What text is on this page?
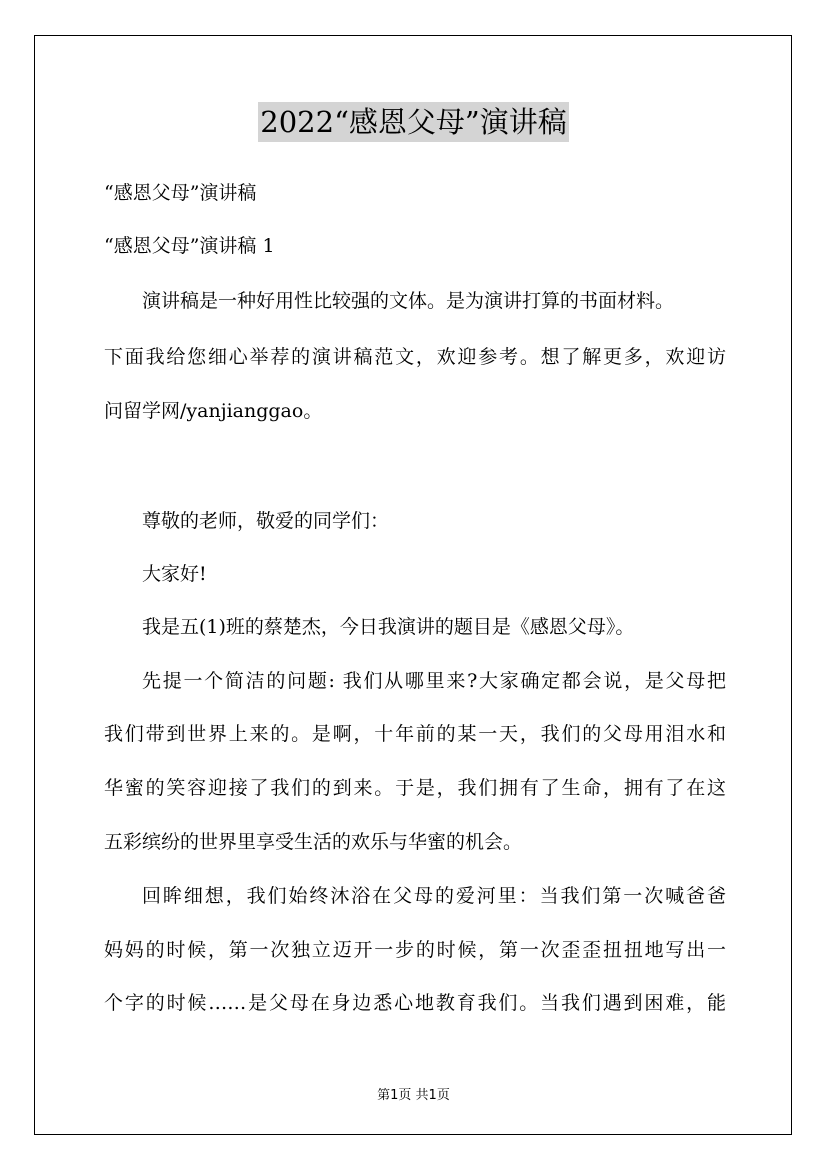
2022“感恩父母”演讲稿
“感恩父母”演讲稿
“感恩父母”演讲稿 1
演讲稿是一种好用性比较强的文体。是为演讲打算的书面材料。
下面我给您细心举荐的演讲稿范文，欢迎参考。想了解更多，欢迎访
问留学网/yanjianggao。
尊敬的老师，敬爱的同学们：
大家好!
我是五(1)班的蔡楚杰，今日我演讲的题目是《感恩父母》。
先提一个简洁的问题: 我们从哪里来?大家确定都会说，是父母把
我们带到世界上来的。是啊，十年前的某一天，我们的父母用泪水和
华蜜的笑容迎接了我们的到来。于是，我们拥有了生命，拥有了在这
五彩缤纷的世界里享受生活的欢乐与华蜜的机会。
回眸细想，我们始终沐浴在父母的爱河里：当我们第一次喊爸爸
妈妈的时候，第一次独立迈开一步的时候，第一次歪歪扭扭地写出一
个字的时候……是父母在身边悉心地教育我们。当我们遇到困难，能
第1页 共1页
